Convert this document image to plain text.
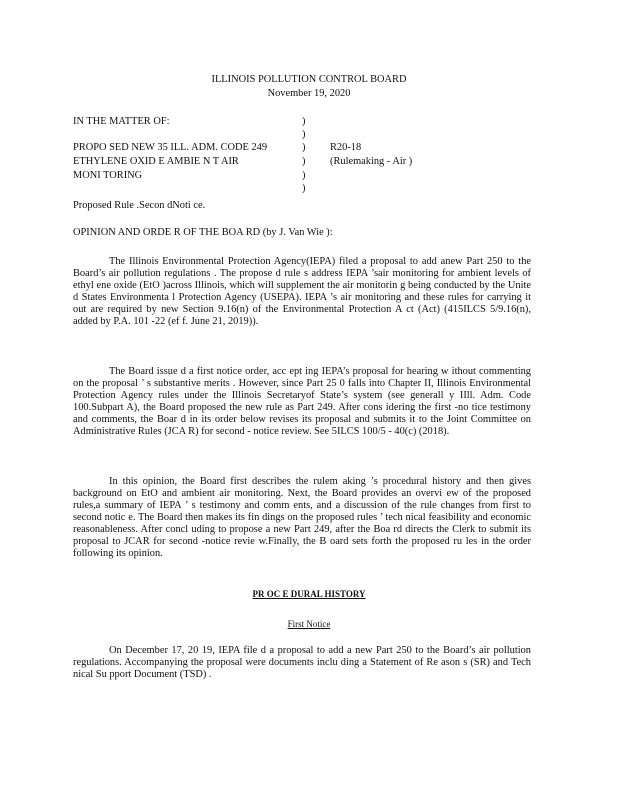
ILLINOIS POLLUTION CONTROL BOARD
November 19, 2020
IN THE MATTER OF:
PROPO SED NEW 35 ILL. ADM. CODE 249
ETHYLENE OXID E AMBIE N T AIR
MONI TORING
)
)
)
)
)
)
R20-18
(Rulemaking - Air )
Proposed Rule .Secon dNoti ce.
OPINION AND ORDE R OF THE BOA RD (by J. Van Wie ):
The Illinois Environmental Protection Agency(IEPA) filed a proposal to add anew Part 250 to the Board’s air pollution regulations . The propose d rule s address IEPA ’sair monitoring for ambient levels of ethyl ene oxide (EtO )across Illinois, which will supplement the air monitorin g being conducted by the Unite d States Environmenta l Protection Agency (USEPA). IEPA ’s air monitoring and these rules for carrying it out are required by new Section 9.16(n) of the Environmental Protection A ct (Act) (415ILCS 5/9.16(n), added by P.A. 101 -22 (ef f. June 21, 2019)).
The Board issue d a first notice order, acc ept ing IEPA’s proposal for hearing w ithout commenting on the proposal ’ s substantive merits . However, since Part 25 0 falls into Chapter II, Illinois Environmental Protection Agency rules under the Illinois Secretaryof State’s system (see generall y IIll. Adm. Code 100.Subpart A), the Board proposed the new rule as Part 249. After cons idering the first -no tice testimony and comments, the Boar d in its order below revises its proposal and submits it to the Joint Committee on Administrative Rules (JCA R) for second - notice review. See 5ILCS 100/5 - 40(c) (2018).
In this opinion, the Board first describes the rulem aking ’s procedural history and then gives background on EtO and ambient air monitoring. Next, the Board provides an overvi ew of the proposed rules,a summary of IEPA ’ s testimony and comm ents, and a discussion of the rule changes from first to second notic e. The Board then makes its fin dings on the proposed rules ’ tech nical feasibility and economic reasonableness. After concl uding to propose a new Part 249, after the Boa rd directs the Clerk to submit its proposal to JCAR for second -notice revie w.Finally, the B oard sets forth the proposed ru les in the order following its opinion.
PR OC E DURAL HISTORY
First Notice
On December 17, 20 19, IEPA file d a proposal to add a new Part 250 to the Board’s air pollution regulations. Accompanying the proposal were documents inclu ding a Statement of Re ason s (SR) and Tech nical Su pport Document (TSD) .
